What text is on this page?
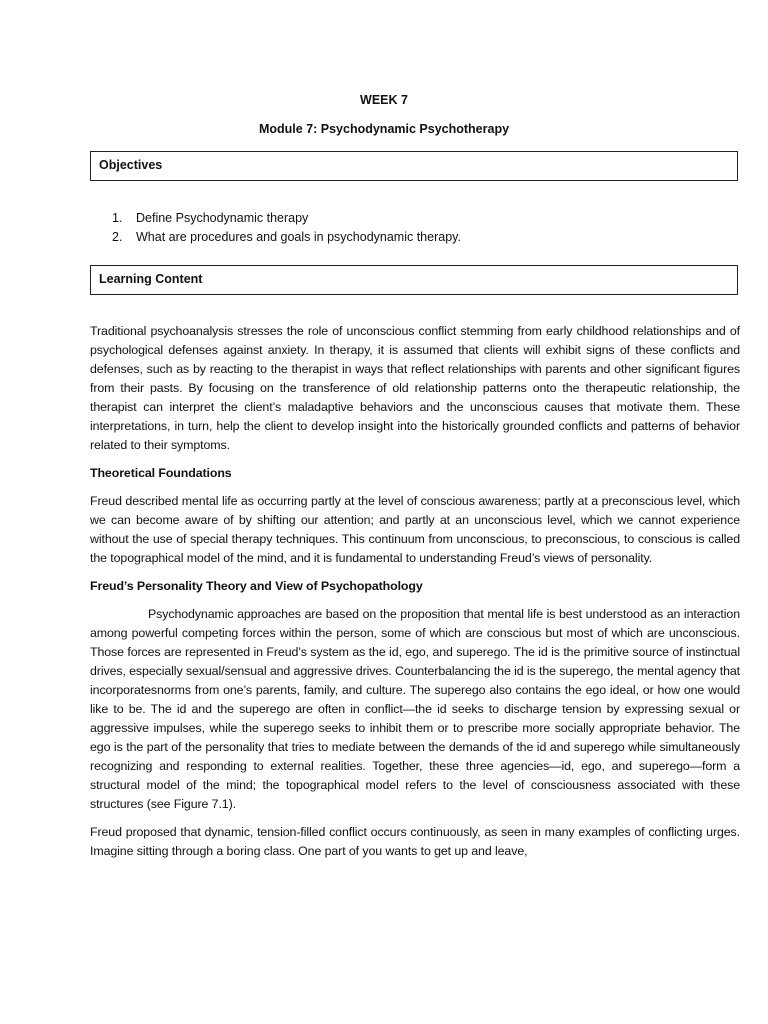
WEEK 7
Module 7: Psychodynamic Psychotherapy
Objectives
1.	Define Psychodynamic therapy
2.	What are procedures and goals in psychodynamic therapy.
Learning Content

Traditional psychoanalysis stresses the role of unconscious conflict stemming from early childhood relationships and of psychological defenses against anxiety. In therapy, it is assumed that clients will exhibit signs of these conflicts and defenses, such as by reacting to the therapist in ways that reflect relationships with parents and other significant figures from their pasts. By focusing on the transference of old relationship patterns onto the therapeutic relationship, the therapist can interpret the client’s maladaptive behaviors and the unconscious causes that motivate them. These interpretations, in turn, help the client to develop insight into the historically grounded conflicts and patterns of behavior related to their symptoms.

Theoretical Foundations

Freud described mental life as occurring partly at the level of conscious awareness; partly at a preconscious level, which we can become aware of by shifting our attention; and partly at an unconscious level, which we cannot experience without the use of special therapy techniques. This continuum from unconscious, to preconscious, to conscious is called the topographical model of the mind, and it is fundamental to understanding Freud’s views of personality.

Freud’s Personality Theory and View of Psychopathology

Psychodynamic approaches are based on the proposition that mental life is best understood as an interaction among powerful competing forces within the person, some of which are conscious but most of which are unconscious. Those forces are represented in Freud’s system as the id, ego, and superego. The id is the primitive source of instinctual drives, especially sexual/sensual and aggressive drives. Counterbalancing the id is the superego, the mental agency that incorporatesnorms from one’s parents, family, and culture. The superego also contains the ego ideal, or how one would like to be. The id and the superego are often in conflict—the id seeks to discharge tension by expressing sexual or aggressive impulses, while the superego seeks to inhibit them or to prescribe more socially appropriate behavior. The ego is the part of the personality that tries to mediate between the demands of the id and superego while simultaneously recognizing and responding to external realities. Together, these three agencies—id, ego, and superego—form a structural model of the mind; the topographical model refers to the level of consciousness associated with these structures (see Figure 7.1).

Freud proposed that dynamic, tension-filled conflict occurs continuously, as seen in many examples of conflicting urges. Imagine sitting through a boring class. One part of you wants to get up and leave,
